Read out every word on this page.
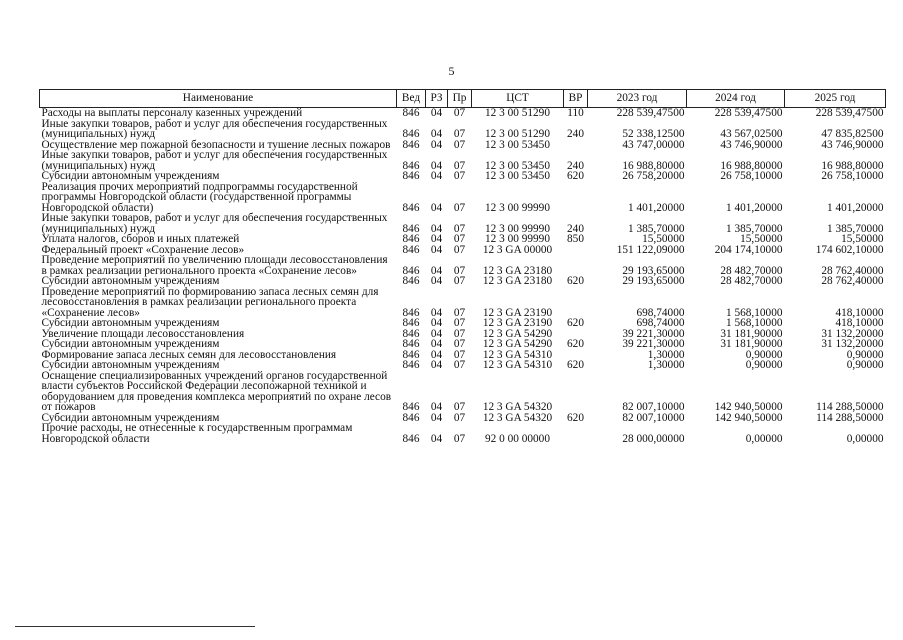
5
Наименование	Вед	РЗ	Пр	ЦСТ	ВР	2023 год	2024 год	2025 год
Расходы на выплаты персоналу казенных учреждений	846	04	07	12 3 00 51290	110	228 539,47500	228 539,47500	228 539,47500
Иные закупки товаров, работ и услуг для обеспечения государственных (муниципальных) нужд	846	04	07	12 3 00 51290	240	52 338,12500	43 567,02500	47 835,82500
Осуществление мер пожарной безопасности и тушение лесных пожаров	846	04	07	12 3 00 53450		43 747,00000	43 746,90000	43 746,90000
Иные закупки товаров, работ и услуг для обеспечения государственных (муниципальных) нужд	846	04	07	12 3 00 53450	240	16 988,80000	16 988,80000	16 988,80000
Субсидии автономным учреждениям	846	04	07	12 3 00 53450	620	26 758,20000	26 758,10000	26 758,10000
Реализация прочих мероприятий подпрограммы государственной программы Новгородской области (государственной программы Новгородской области)	846	04	07	12 3 00 99990		1 401,20000	1 401,20000	1 401,20000
Иные закупки товаров, работ и услуг для обеспечения государственных (муниципальных) нужд	846	04	07	12 3 00 99990	240	1 385,70000	1 385,70000	1 385,70000
Уплата налогов, сборов и иных платежей	846	04	07	12 3 00 99990	850	15,50000	15,50000	15,50000
Федеральный проект «Сохранение лесов»	846	04	07	12 3 GA 00000		151 122,09000	204 174,10000	174 602,10000
Проведение мероприятий по увеличению площади лесовосстановления в рамках реализации регионального проекта «Сохранение лесов»	846	04	07	12 3 GA 23180		29 193,65000	28 482,70000	28 762,40000
Субсидии автономным учреждениям	846	04	07	12 3 GA 23180	620	29 193,65000	28 482,70000	28 762,40000
Проведение мероприятий по формированию запаса лесных семян для лесовосстановления в рамках реализации регионального проекта «Сохранение лесов»	846	04	07	12 3 GA 23190		698,74000	1 568,10000	418,10000
Субсидии автономным учреждениям	846	04	07	12 3 GA 23190	620	698,74000	1 568,10000	418,10000
Увеличение площади лесовосстановления	846	04	07	12 3 GA 54290		39 221,30000	31 181,90000	31 132,20000
Субсидии автономным учреждениям	846	04	07	12 3 GA 54290	620	39 221,30000	31 181,90000	31 132,20000
Формирование запаса лесных семян для лесовосстановления	846	04	07	12 3 GA 54310		1,30000	0,90000	0,90000
Субсидии автономным учреждениям	846	04	07	12 3 GA 54310	620	1,30000	0,90000	0,90000
Оснащение специализированных учреждений органов государственной власти субъектов Российской Федерации лесопожарной техникой и оборудованием для проведения комплекса мероприятий по охране лесов от пожаров	846	04	07	12 3 GA 54320		82 007,10000	142 940,50000	114 288,50000
Субсидии автономным учреждениям	846	04	07	12 3 GA 54320	620	82 007,10000	142 940,50000	114 288,50000
Прочие расходы, не отнесенные к государственным программам Новгородской области	846	04	07	92 0 00 00000		28 000,00000	0,00000	0,00000
